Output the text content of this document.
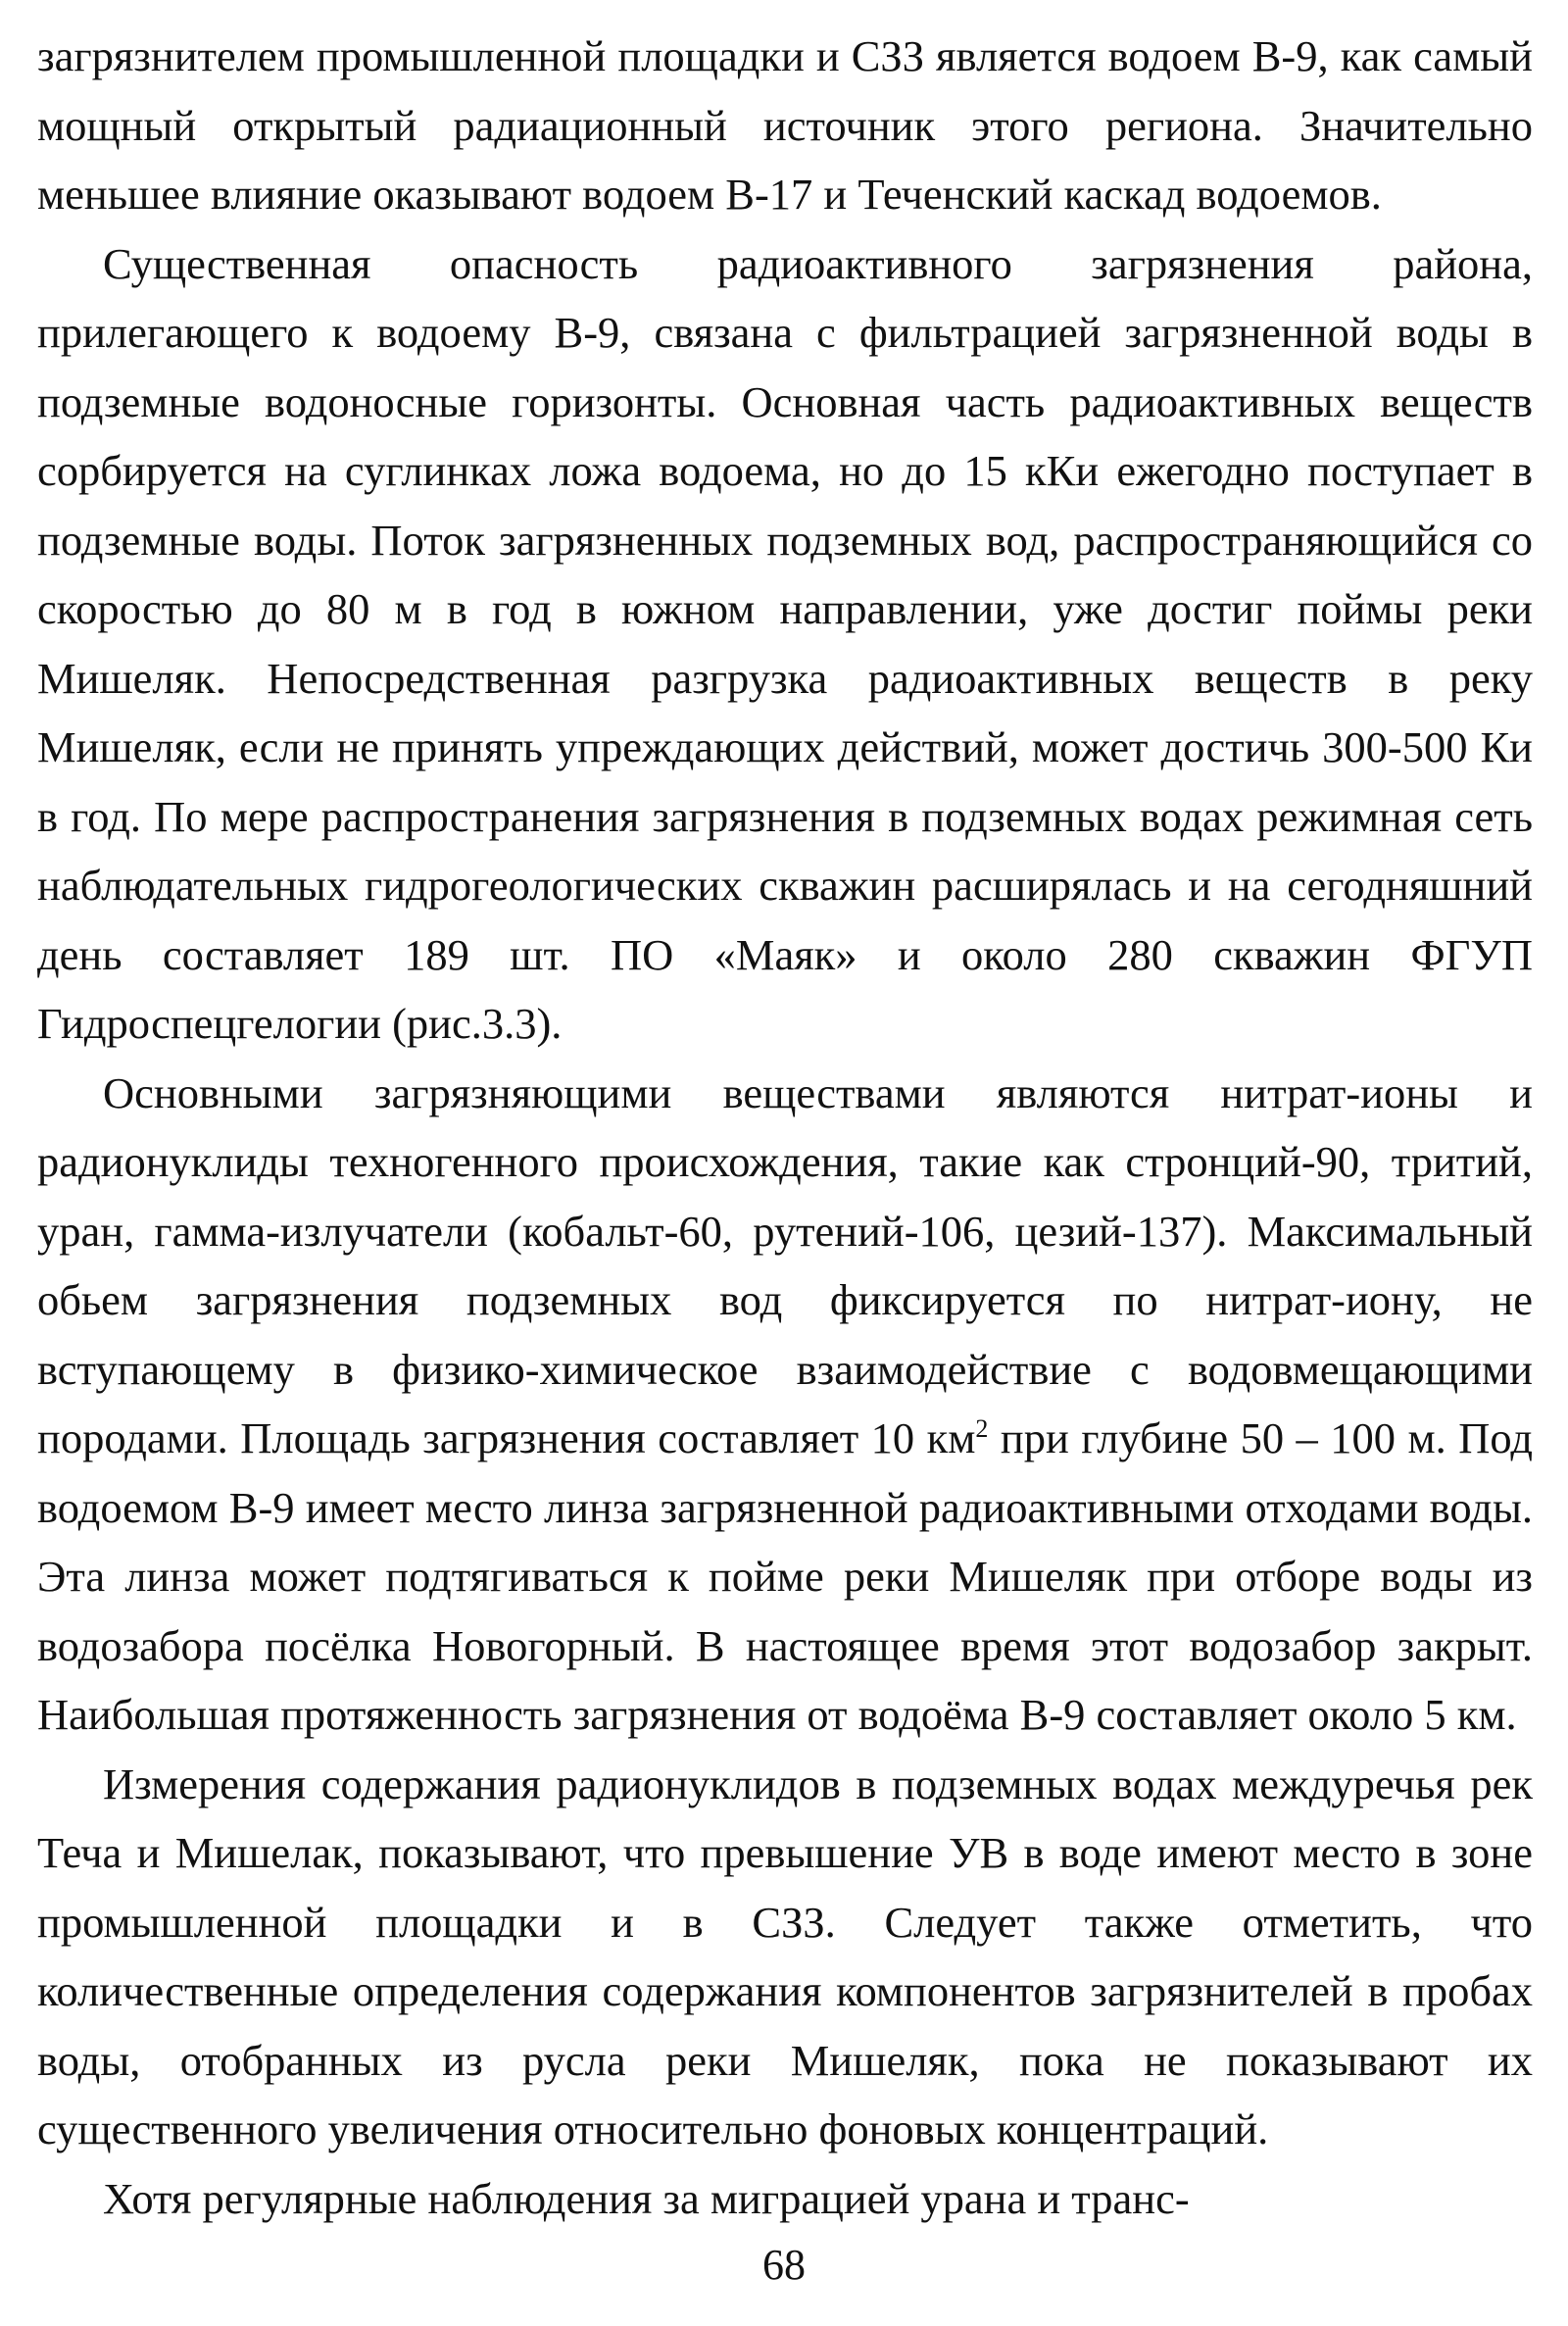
загрязнителем промышленной площадки и СЗЗ является водоем В-9, как самый мощный открытый радиационный источник этого региона. Значительно меньшее влияние оказывают водоем В-17 и Теченский каскад водоемов.

Существенная опасность радиоактивного загрязнения района, прилегающего к водоему В-9, связана с фильтрацией загрязненной воды в подземные водоносные горизонты. Основная часть радиоактивных веществ сорбируется на суглинках ложа водоема, но до 15 кКи ежегодно поступает в подземные воды. Поток загрязненных подземных вод, распространяющийся со скоростью до 80 м в год в южном направлении, уже достиг поймы реки Мишеляк. Непосредственная разгрузка радиоактивных веществ в реку Мишеляк, если не принять упреждающих действий, может достичь 300-500 Ки в год. По мере распространения загрязнения в подземных водах режимная сеть наблюдательных гидрогеологических скважин расширялась и на сегодняшний день составляет 189 шт. ПО «Маяк» и около 280 скважин ФГУП Гидроспецгелогии (рис.3.3).

Основными загрязняющими веществами являются нитрат-ионы и радионуклиды техногенного происхождения, такие как стронций-90, тритий, уран, гамма-излучатели (кобальт-60, рутений-106, цезий-137). Максимальный обьем загрязнения подземных вод фиксируется по нитрат-иону, не вступающему в физико-химическое взаимодействие с водовмещающими породами. Площадь загрязнения составляет 10 $км^2$ при глубине 50 – 100 м. Под водоемом В-9 имеет место линза загрязненной радиоактивными отходами воды. Эта линза может подтягиваться к пойме реки Мишеляк при отборе воды из водозабора посёлка Новогорный. В настоящее время этот водозабор закрыт. Наибольшая протяженность загрязнения от водоёма В-9 составляет около 5 км.

Измерения содержания радионуклидов в подземных водах междуречья рек Теча и Мишелак, показывают, что превышение УВ в воде имеют место в зоне промышленной площадки и в СЗЗ. Следует также отметить, что количественные определения содержания компонентов загрязнителей в пробах воды, отобранных из русла реки Мишеляк, пока не показывают их существенного увеличения относительно фоновых концентраций.

Хотя регулярные наблюдения за миграцией урана и транс-

68
